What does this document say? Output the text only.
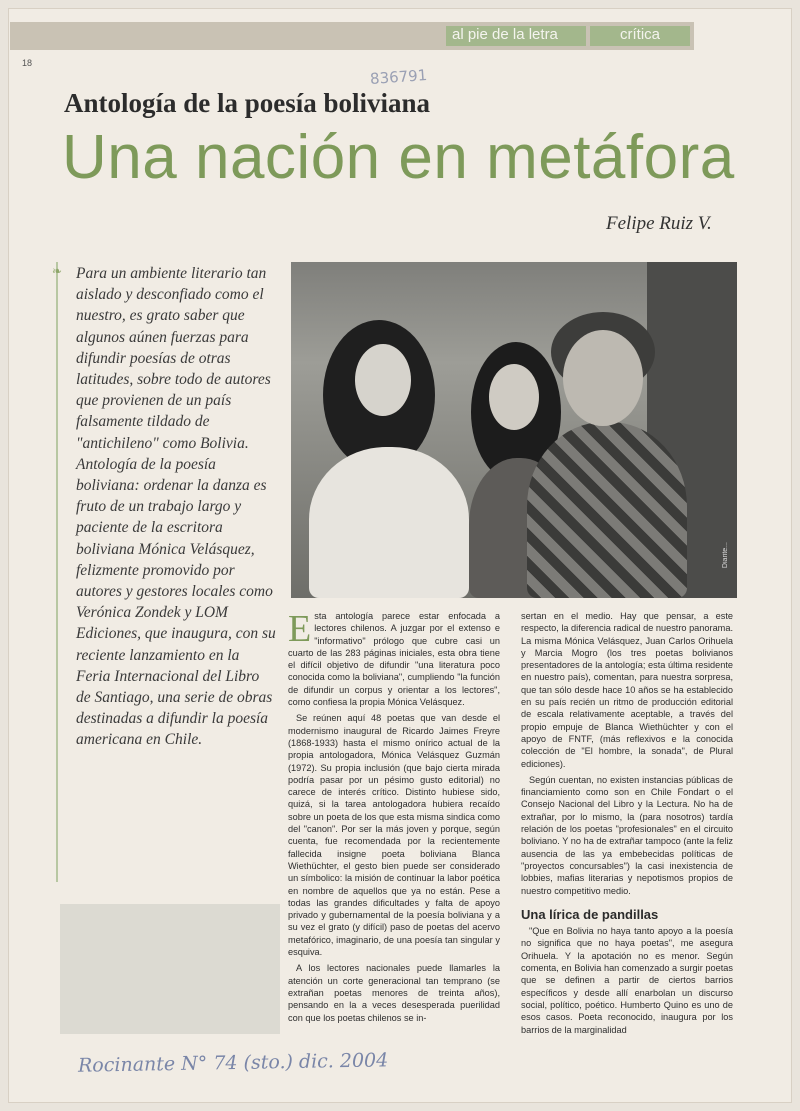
al pie de la letra	crítica
18
836791
Antología de la poesía boliviana
Una nación en metáfora
Felipe Ruiz V.
❧ Para un ambiente literario tan aislado y desconfiado como el nuestro, es grato saber que algunos aúnen fuerzas para difundir poesías de otras latitudes, sobre todo de autores que provienen de un país falsamente tildado de "antichileno" como Bolivia. Antología de la poesía boliviana: ordenar la danza es fruto de un trabajo largo y paciente de la escritora boliviana Mónica Velásquez, felizmente promovido por autores y gestores locales como Verónica Zondek y LOM Ediciones, que inaugura, con su reciente lanzamiento en la Feria Internacional del Libro de Santiago, una serie de obras destinadas a difundir la poesía americana en Chile.
Diarite...

Esta antología parece estar enfocada a lectores chilenos. A juzgar por el extenso e "informativo" prólogo que cubre casi un cuarto de las 283 páginas iniciales, esta obra tiene el difícil objetivo de difundir "una literatura poco conocida como la boliviana", cumpliendo "la función de difundir un corpus y orientar a los lectores", como confiesa la propia Mónica Velásquez.

Se reúnen aquí 48 poetas que van desde el modernismo inaugural de Ricardo Jaimes Freyre (1868-1933) hasta el mismo onírico actual de la propia antologadora, Mónica Velásquez Guzmán (1972). Su propia inclusión (que bajo cierta mirada podría pasar por un pésimo gusto editorial) no carece de interés crítico. Distinto hubiese sido, quizá, si la tarea antologadora hubiera recaído sobre un poeta de los que esta misma sindica como del "canon". Por ser la más joven y porque, según cuenta, fue recomendada por la recientemente fallecida insigne poeta boliviana Blanca Wiethüchter, el gesto bien puede ser considerado un símbolico: la misión de continuar la labor poética en nombre de aquellos que ya no están. Pese a todas las grandes dificultades y falta de apoyo privado y gubernamental de la poesía boliviana y a su vez el grato (y difícil) paso de poetas del acervo metafórico, imaginario, de una poesía tan singular y esquiva.

A los lectores nacionales puede llamarles la atención un corte generacional tan temprano (se extrañan poetas menores de treinta años), pensando en la a veces desesperada puerilidad con que los poetas chilenos se in-

sertan en el medio. Hay que pensar, a este respecto, la diferencia radical de nuestro panorama. La misma Mónica Velásquez, Juan Carlos Orihuela y Marcia Mogro (los tres poetas bolivianos presentadores de la antología; esta última residente en nuestro país), comentan, para nuestra sorpresa, que tan sólo desde hace 10 años se ha establecido en su país recién un ritmo de producción editorial de escala relativamente aceptable, a través del propio empuje de Blanca Wiethüchter y con el apoyo de FNTF, (más reflexivos e la conocida colección de "El hombre, la sonada", de Plural ediciones).

Según cuentan, no existen instancias públicas de financiamiento como son en Chile Fondart o el Consejo Nacional del Libro y la Lectura. No ha de extrañar, por lo mismo, la (para nosotros) tardía relación de los poetas "profesionales" en el circuito boliviano. Y no ha de extrañar tampoco (ante la feliz ausencia de las ya embebecidas políticas de "proyectos concursables") la casi inexistencia de lobbies, mafias literarias y nepotismos propios de nuestro competitivo medio.

Una lírica de pandillas

"Que en Bolivia no haya tanto apoyo a la poesía no significa que no haya poetas", me asegura Orihuela. Y la apotación no es menor. Según comenta, en Bolivia han comenzado a surgir poetas que se definen a partir de ciertos barrios específicos y desde allí enarbolan un discurso social, político, poético. Humberto Quino es uno de esos casos. Poeta reconocido, inaugura por los barrios de la marginalidad

Rocinante N° 74 (sto.) dic. 2004
